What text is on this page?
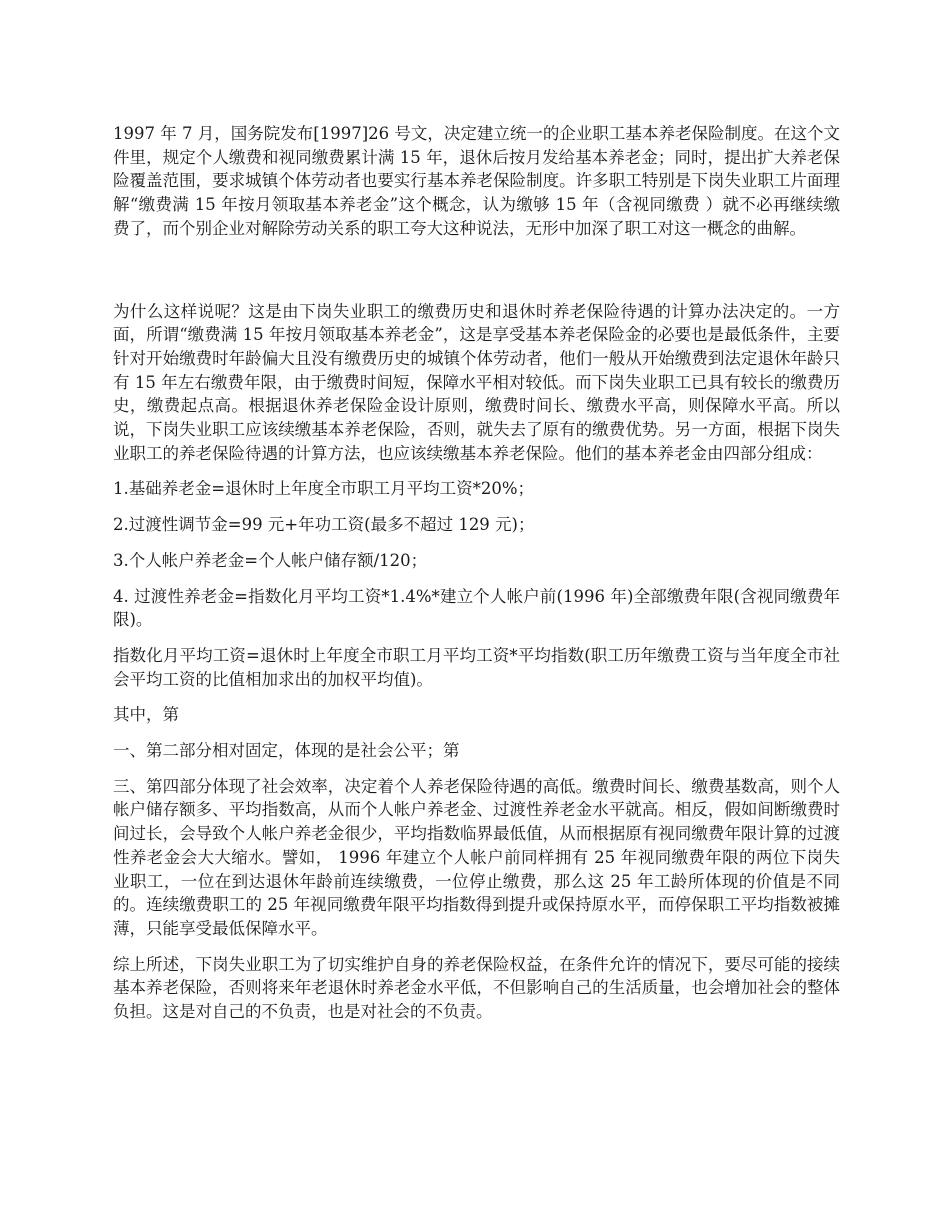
1997 年 7 月，国务院发布[1997]26 号文，决定建立统一的企业职工基本养老保险制度。在这个文件里，规定个人缴费和视同缴费累计满 15 年，退休后按月发给基本养老金；同时，提出扩大养老保险覆盖范围，要求城镇个体劳动者也要实行基本养老保险制度。许多职工特别是下岗失业职工片面理解“缴费满 15 年按月领取基本养老金”这个概念，认为缴够 15 年（含视同缴费 ）就不必再继续缴费了，而个别企业对解除劳动关系的职工夸大这种说法，无形中加深了职工对这一概念的曲解。

为什么这样说呢？这是由下岗失业职工的缴费历史和退休时养老保险待遇的计算办法决定的。一方面，所谓“缴费满 15 年按月领取基本养老金”，这是享受基本养老保险金的必要也是最低条件，主要针对开始缴费时年龄偏大且没有缴费历史的城镇个体劳动者，他们一般从开始缴费到法定退休年龄只有 15 年左右缴费年限，由于缴费时间短，保障水平相对较低。而下岗失业职工已具有较长的缴费历史，缴费起点高。根据退休养老保险金设计原则，缴费时间长、缴费水平高，则保障水平高。所以说，下岗失业职工应该续缴基本养老保险，否则，就失去了原有的缴费优势。另一方面，根据下岗失业职工的养老保险待遇的计算方法，也应该续缴基本养老保险。他们的基本养老金由四部分组成：

1.基础养老金=退休时上年度全市职工月平均工资*20%；

2.过渡性调节金=99 元+年功工资(最多不超过 129 元)；

3.个人帐户养老金=个人帐户储存额/120；

4. 过渡性养老金=指数化月平均工资*1.4%*建立个人帐户前(1996 年)全部缴费年限(含视同缴费年限)。

指数化月平均工资=退休时上年度全市职工月平均工资*平均指数(职工历年缴费工资与当年度全市社会平均工资的比值相加求出的加权平均值)。

其中，第

一、第二部分相对固定，体现的是社会公平；第

三、第四部分体现了社会效率，决定着个人养老保险待遇的高低。缴费时间长、缴费基数高，则个人帐户储存额多、平均指数高，从而个人帐户养老金、过渡性养老金水平就高。相反，假如间断缴费时间过长，会导致个人帐户养老金很少，平均指数临界最低值，从而根据原有视同缴费年限计算的过渡性养老金会大大缩水。譬如， 1996 年建立个人帐户前同样拥有 25 年视同缴费年限的两位下岗失业职工，一位在到达退休年龄前连续缴费，一位停止缴费，那么这 25 年工龄所体现的价值是不同的。连续缴费职工的 25 年视同缴费年限平均指数得到提升或保持原水平，而停保职工平均指数被摊薄，只能享受最低保障水平。

综上所述，下岗失业职工为了切实维护自身的养老保险权益，在条件允许的情况下，要尽可能的接续基本养老保险，否则将来年老退休时养老金水平低，不但影响自己的生活质量，也会增加社会的整体负担。这是对自己的不负责，也是对社会的不负责。
